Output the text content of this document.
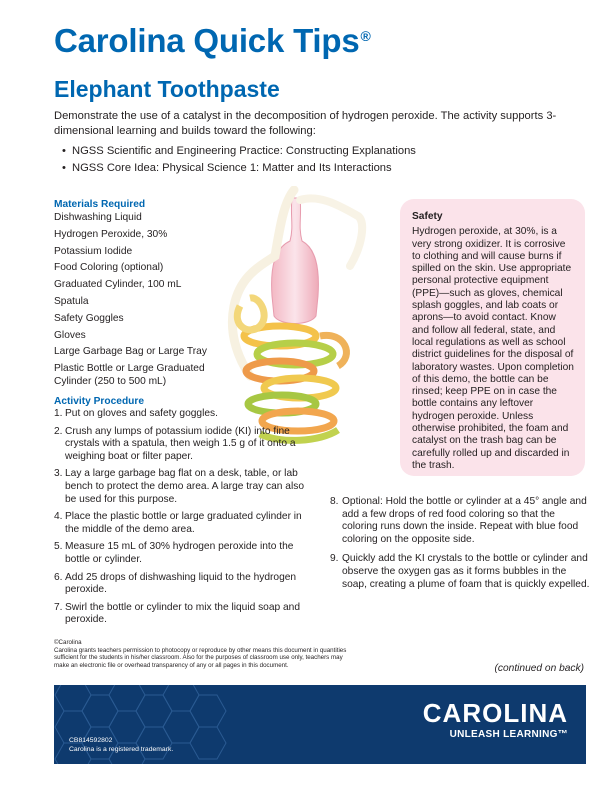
Carolina Quick Tips®
Elephant Toothpaste

Demonstrate the use of a catalyst in the decomposition of hydrogen peroxide. The activity supports 3-dimensional learning and builds toward the following:

• NGSS Scientific and Engineering Practice: Constructing Explanations
• NGSS Core Idea: Physical Science 1: Matter and Its Interactions
Materials Required
Dishwashing Liquid
Hydrogen Peroxide, 30%
Potassium Iodide
Food Coloring (optional)
Graduated Cylinder, 100 mL
Spatula
Safety Goggles
Gloves
Large Garbage Bag or Large Tray
Plastic Bottle or Large Graduated Cylinder (250 to 500 mL)
Activity Procedure
1. Put on gloves and safety goggles.
2. Crush any lumps of potassium iodide (KI) into fine crystals with a spatula, then weigh 1.5 g of it onto a weighing boat or filter paper.
3. Lay a large garbage bag flat on a desk, table, or lab bench to protect the demo area. A large tray can also be used for this purpose.
4. Place the plastic bottle or large graduated cylinder in the middle of the demo area.
5. Measure 15 mL of 30% hydrogen peroxide into the bottle or cylinder.
6. Add 25 drops of dishwashing liquid to the hydrogen peroxide.
7. Swirl the bottle or cylinder to mix the liquid soap and peroxide.
Safety
Hydrogen peroxide, at 30%, is a very strong oxidizer. It is corrosive to clothing and will cause burns if spilled on the skin. Use appropriate personal protective equipment (PPE)—such as gloves, chemical splash goggles, and lab coats or aprons—to avoid contact. Know and follow all federal, state, and local regulations as well as school district guidelines for the disposal of laboratory wastes. Upon completion of this demo, the bottle can be rinsed; keep PPE on in case the bottle contains any leftover hydrogen peroxide. Unless otherwise prohibited, the foam and catalyst on the trash bag can be carefully rolled up and discarded in the trash.
8. Optional: Hold the bottle or cylinder at a 45° angle and add a few drops of red food coloring so that the coloring runs down the inside. Repeat with blue food coloring on the opposite side.
9. Quickly add the KI crystals to the bottle or cylinder and observe the oxygen gas as it forms bubbles in the soap, creating a plume of foam that is quickly expelled.
©Carolina
Carolina grants teachers permission to photocopy or reproduce by other means this document in quantities sufficient for the students in his/her classroom. Also for the purposes of classroom use only, teachers may make an electronic file or overhead transparency of any or all pages in this document.	(continued on back)
CB814592802
Carolina is a registered trademark.
CAROLINA
UNLEASH LEARNING™
